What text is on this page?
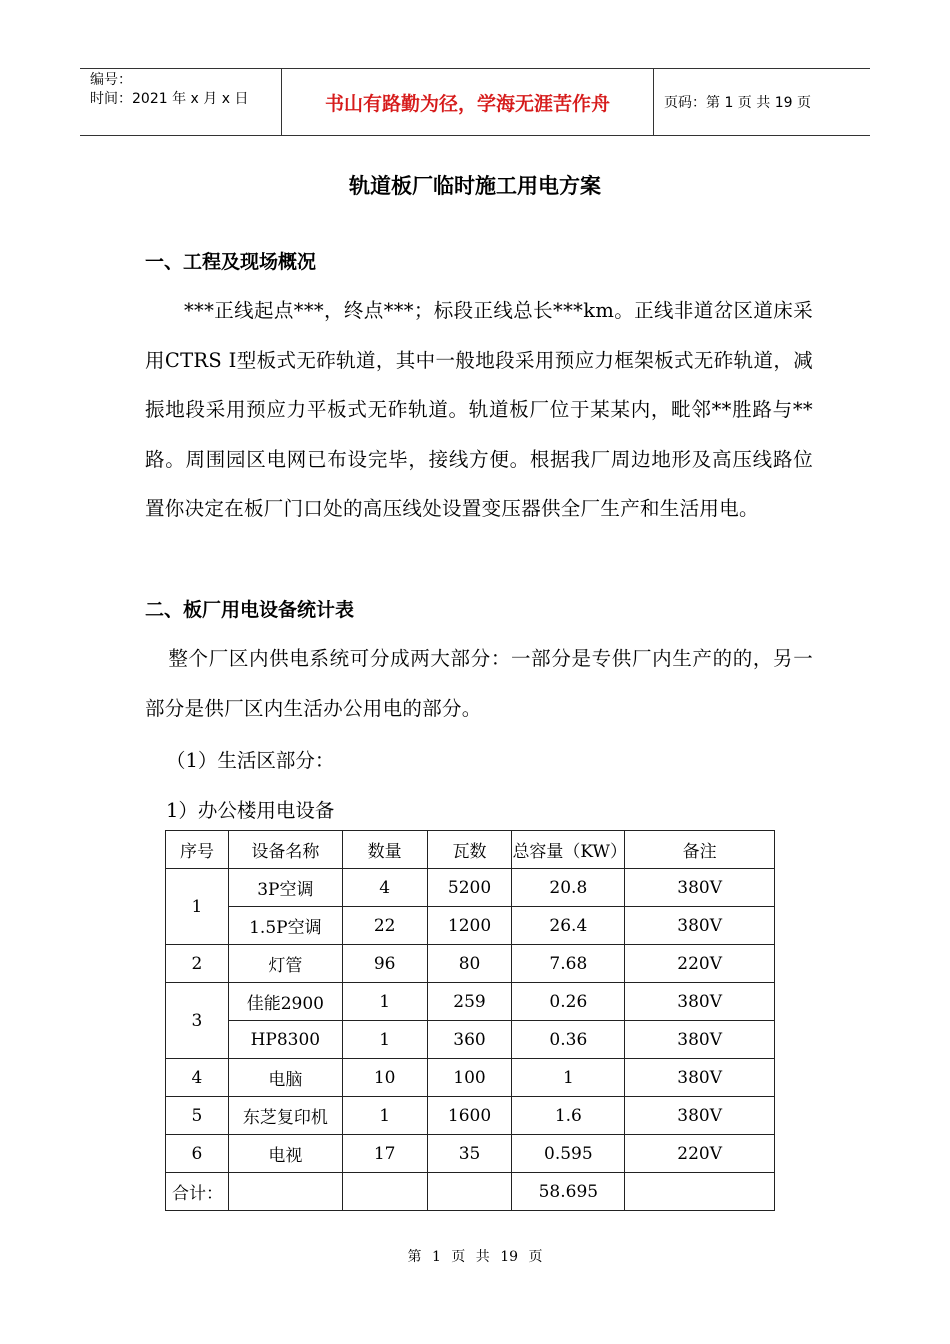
编号：
时间：2021 年 x 月 x 日	书山有路勤为径，学海无涯苦作舟	页码：第 1 页 共 19 页
轨道板厂临时施工用电方案
一、工程及现场概况
***正线起点***，终点***；标段正线总长***km。正线非道岔区道床采用CTRS I型板式无砟轨道，其中一般地段采用预应力框架板式无砟轨道，减振地段采用预应力平板式无砟轨道。轨道板厂位于某某内，毗邻**胜路与**路。周围园区电网已布设完毕，接线方便。根据我厂周边地形及高压线路位置你决定在板厂门口处的高压线处设置变压器供全厂生产和生活用电。
二、板厂用电设备统计表
整个厂区内供电系统可分成两大部分：一部分是专供厂内生产的的，另一部分是供厂区内生活办公用电的部分。
（1）生活区部分：
1）办公楼用电设备
序号	设备名称	数量	瓦数	总容量（KW）	备注
1	3P空调	4	5200	20.8	380V
	1.5P空调	22	1200	26.4	380V
2	灯管	96	80	7.68	220V
3	佳能2900	1	259	0.26	380V
	HP8300	1	360	0.36	380V
4	电脑	10	100	1	380V
5	东芝复印机	1	1600	1.6	380V
6	电视	17	35	0.595	220V
合计：				58.695	
第 1 页 共 19 页
